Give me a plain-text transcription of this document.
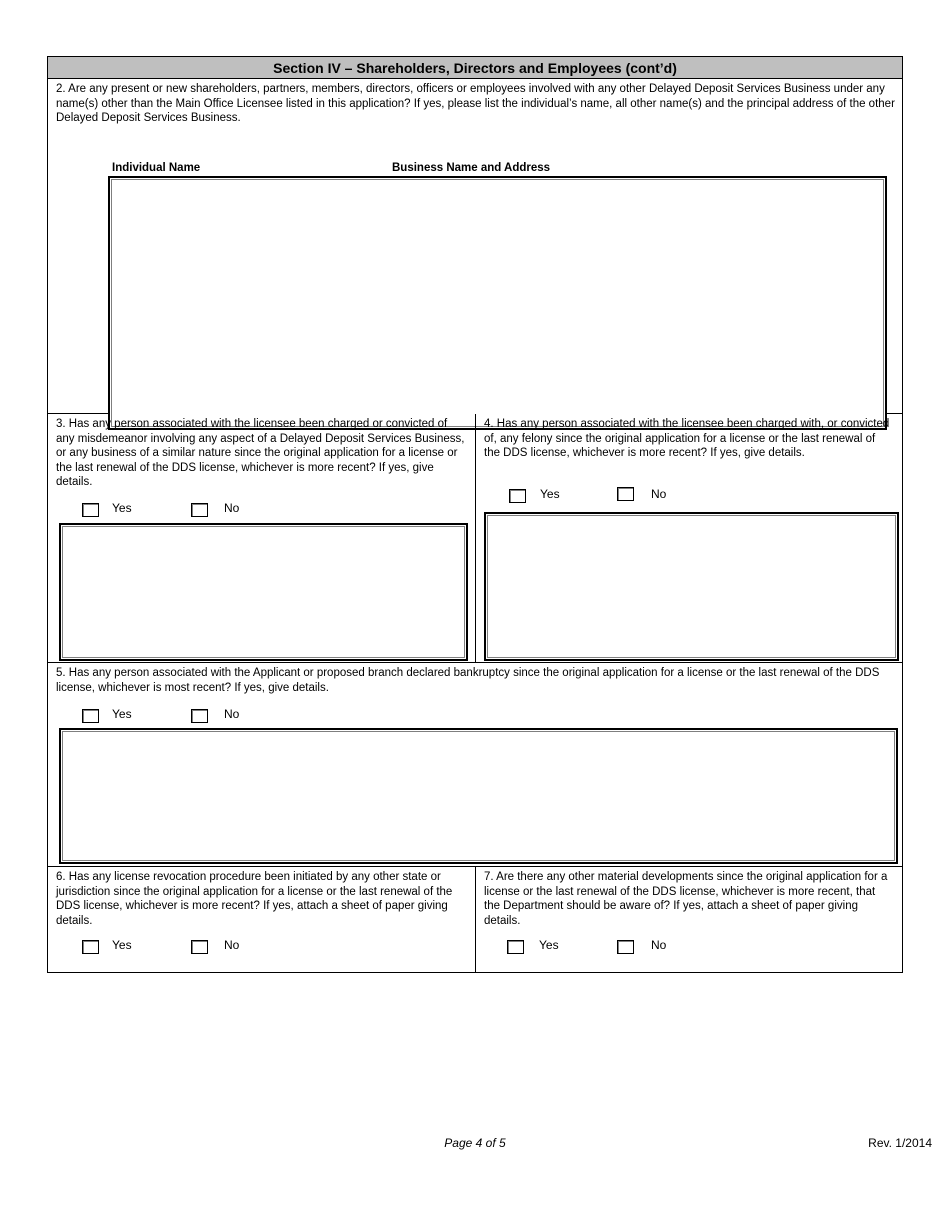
Section IV – Shareholders, Directors and Employees (cont’d)

2. Are any present or new shareholders, partners, members, directors, officers or employees involved with any other Delayed Deposit Services Business under any name(s) other than the Main Office Licensee listed in this application? If yes, please list the individual’s name, all other name(s) and the principal address of the other Delayed Deposit Services Business.

Individual Name	Business Name and Address

3. Has any person associated with the licensee been charged or convicted of any misdemeanor involving any aspect of a Delayed Deposit Services Business, or any business of a similar nature since the original application for a license or the last renewal of the DDS license, whichever is more recent? If yes, give details.

Yes	No

4. Has any person associated with the licensee been charged with, or convicted of, any felony since the original application for a license or the last renewal of the DDS license, whichever is more recent? If yes, give details.

Yes	No

5. Has any person associated with the Applicant or proposed branch declared bankruptcy since the original application for a license or the last renewal of the DDS license, whichever is most recent? If yes, give details.

Yes	No

6. Has any license revocation procedure been initiated by any other state or jurisdiction since the original application for a license or the last renewal of the DDS license, whichever is more recent? If yes, attach a sheet of paper giving details.

Yes	No

7. Are there any other material developments since the original application for a license or the last renewal of the DDS license, whichever is more recent, that the Department should be aware of? If yes, attach a sheet of paper giving details.

Yes	No
Page 4 of 5	Rev. 1/2014
